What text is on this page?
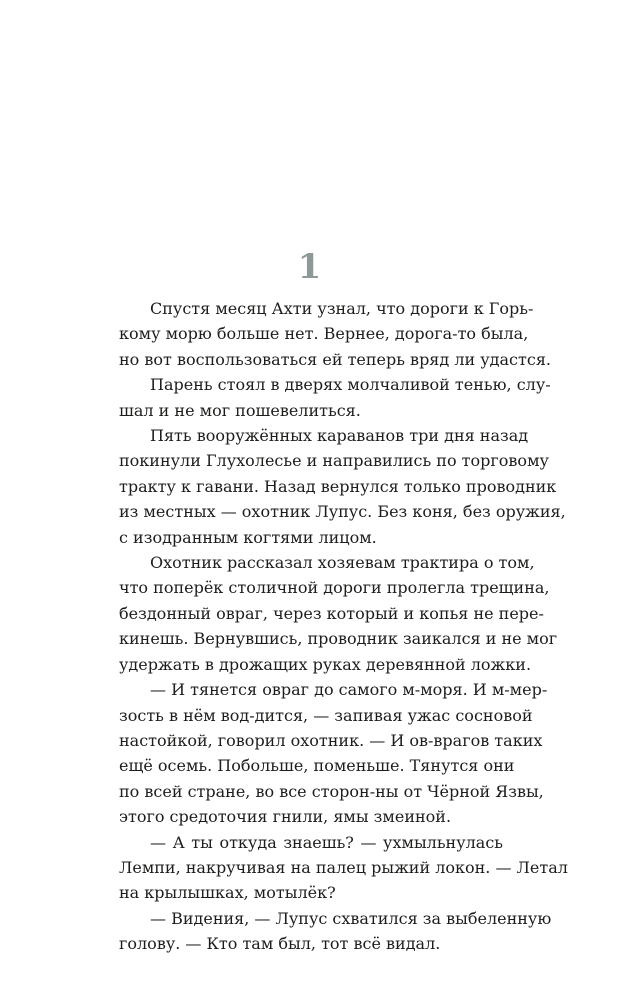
1

Спустя месяц Ахти узнал, что дороги к Горь-
кому морю больше нет. Вернее, дорога-то была,
но вот воспользоваться ей теперь вряд ли удастся.

Парень стоял в дверях молчаливой тенью, слу-
шал и не мог пошевелиться.

Пять вооружённых караванов три дня назад
покинули Глухолесье и направились по торговому
тракту к гавани. Назад вернулся только проводник
из местных — охотник Лупус. Без коня, без оружия,
с изодранным когтями лицом.

Охотник рассказал хозяевам трактира о том,
что поперёк столичной дороги пролегла трещина,
бездонный овраг, через который и копья не пере-
кинешь. Вернувшись, проводник заикался и не мог
удержать в дрожащих руках деревянной ложки.

— И тянется овраг до самого м-моря. И м-мер-
зость в нём вод-дится, — запивая ужас сосновой
настойкой, говорил охотник. — И ов-врагов таких
ещё осемь. Побольше, поменьше. Тянутся они
по всей стране, во все сторон-ны от Чёрной Язвы,
этого средоточия гнили, ямы змеиной.

— А ты откуда знаешь? — ухмыльнулась
Лемпи, накручивая на палец рыжий локон. — Летал
на крылышках, мотылёк?

— Видения, — Лупус схватился за выбеленную
голову. — Кто там был, тот всё видал.
